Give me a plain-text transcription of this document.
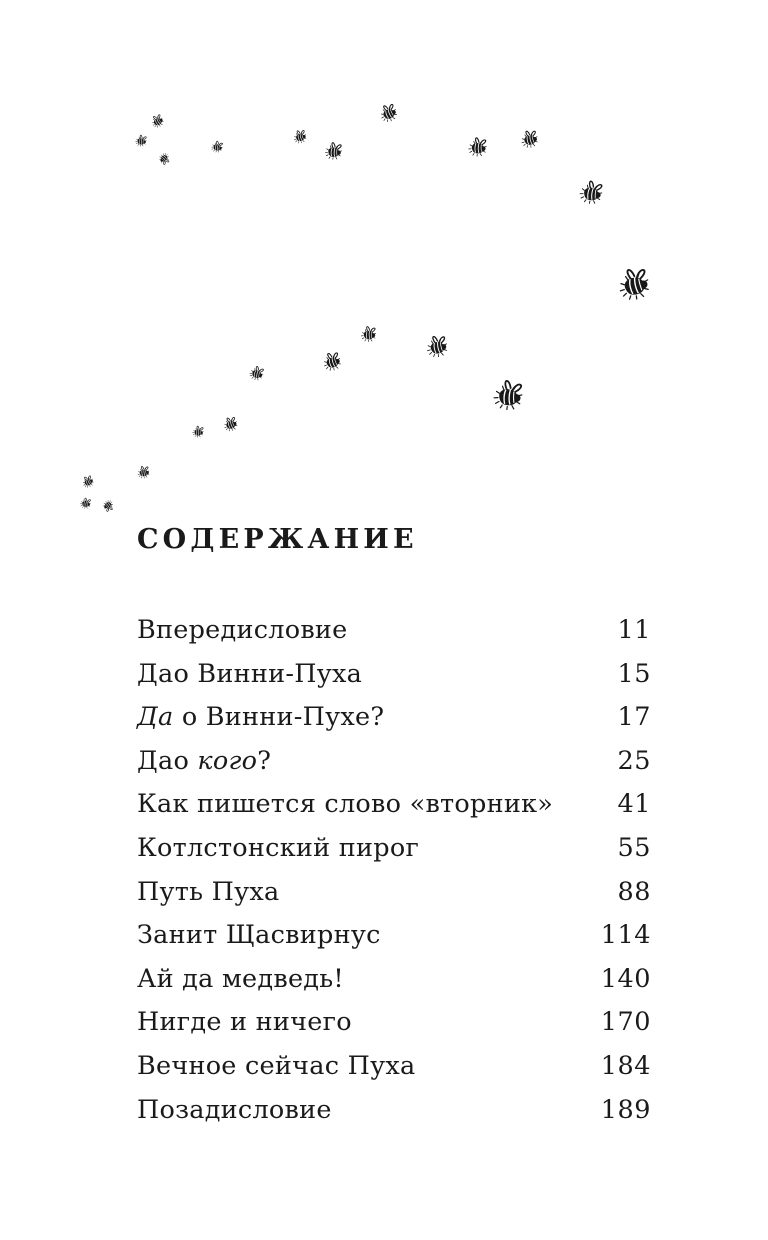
СОДЕРЖАНИЕ
Впередисловие	11
Дао Винни-Пуха	15
Да о Винни-Пухе?	17
Дао кого?	25
Как пишется слово «вторник»	41
Котлстонский пирог	55
Путь Пуха	88
Занит Щасвирнус	114
Ай да медведь!	140
Нигде и ничего	170
Вечное сейчас Пуха	184
Позадисловие	189
